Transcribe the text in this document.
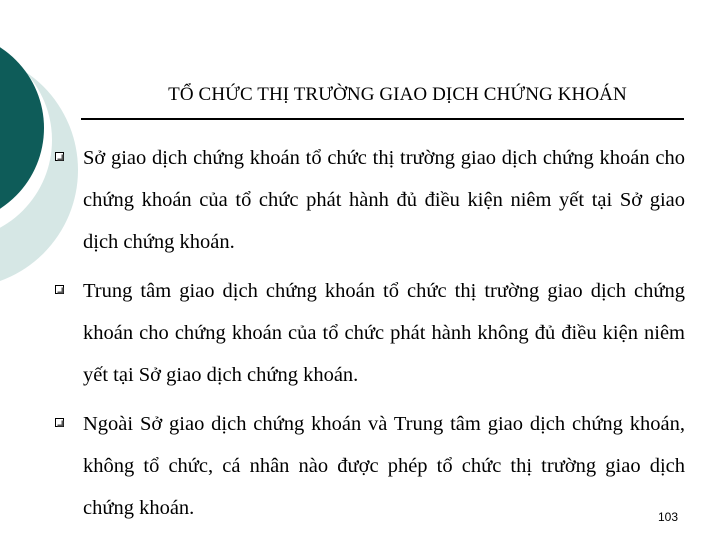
TỔ CHỨC THỊ TRƯỜNG GIAO DỊCH CHỨNG KHOÁN
Sở giao dịch chứng khoán tổ chức thị trường giao dịch chứng khoán cho chứng khoán của tổ chức phát hành đủ điều kiện niêm yết tại Sở giao dịch chứng khoán.
Trung tâm giao dịch chứng khoán tổ chức thị trường giao dịch chứng khoán cho chứng khoán của tổ chức phát hành không đủ điều kiện niêm yết tại Sở giao dịch chứng khoán.
Ngoài Sở giao dịch chứng khoán và Trung tâm giao dịch chứng khoán, không tổ chức, cá nhân nào được phép tổ chức thị trường giao dịch chứng khoán.	103
